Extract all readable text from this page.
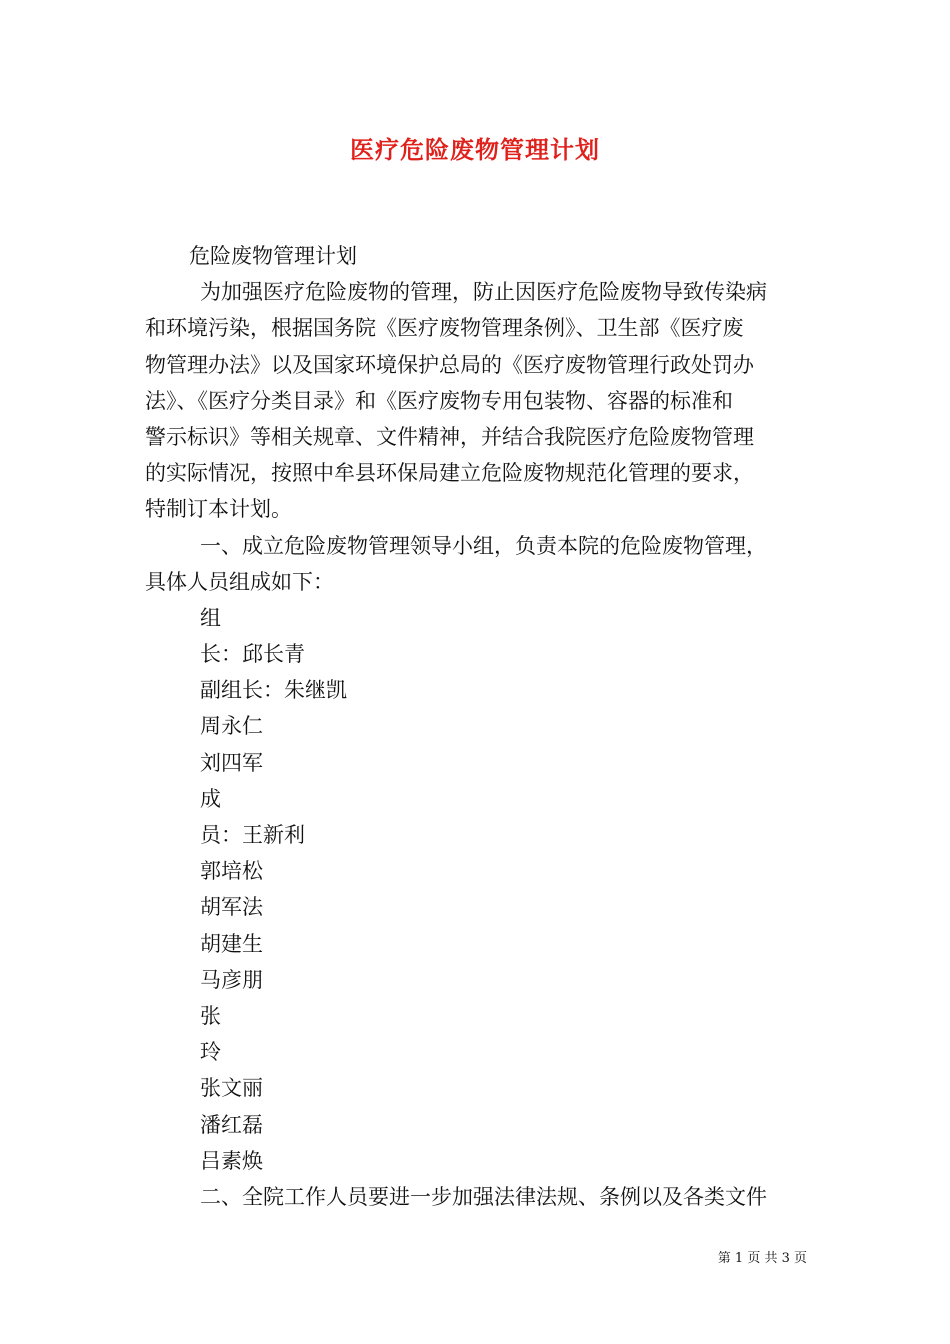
医疗危险废物管理计划
危险废物管理计划
为加强医疗危险废物的管理，防止因医疗危险废物导致传染病
和环境污染，根据国务院《医疗废物管理条例》、卫生部《医疗废
物管理办法》以及国家环境保护总局的《医疗废物管理行政处罚办
法》、《医疗分类目录》和《医疗废物专用包装物、容器的标准和
警示标识》等相关规章、文件精神，并结合我院医疗危险废物管理
的实际情况，按照中牟县环保局建立危险废物规范化管理的要求，
特制订本计划。
一、成立危险废物管理领导小组，负责本院的危险废物管理，
具体人员组成如下：
组
长：邱长青
副组长：朱继凯
周永仁
刘四军
成
员：王新利
郭培松
胡军法
胡建生
马彦朋
张
玲
张文丽
潘红磊
吕素焕
二、全院工作人员要进一步加强法律法规、条例以及各类文件
第 1 页 共 3 页
